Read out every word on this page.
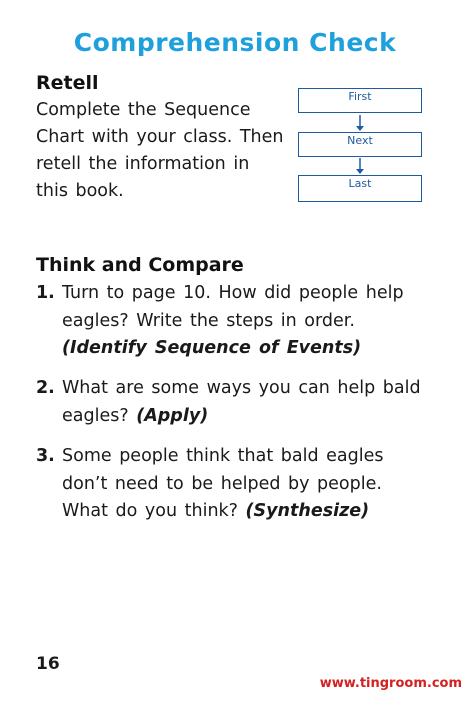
Comprehension Check
Retell

Complete the Sequence Chart with your class. Then retell the information in this book.

First
Next
Last
Think and Compare
1. Turn to page 10. How did people help eagles? Write the steps in order.
(Identify Sequence of Events)
2. What are some ways you can help bald eagles? (Apply)
3. Some people think that bald eagles don’t need to be helped by people. What do you think? (Synthesize)
16
www.tingroom.com
